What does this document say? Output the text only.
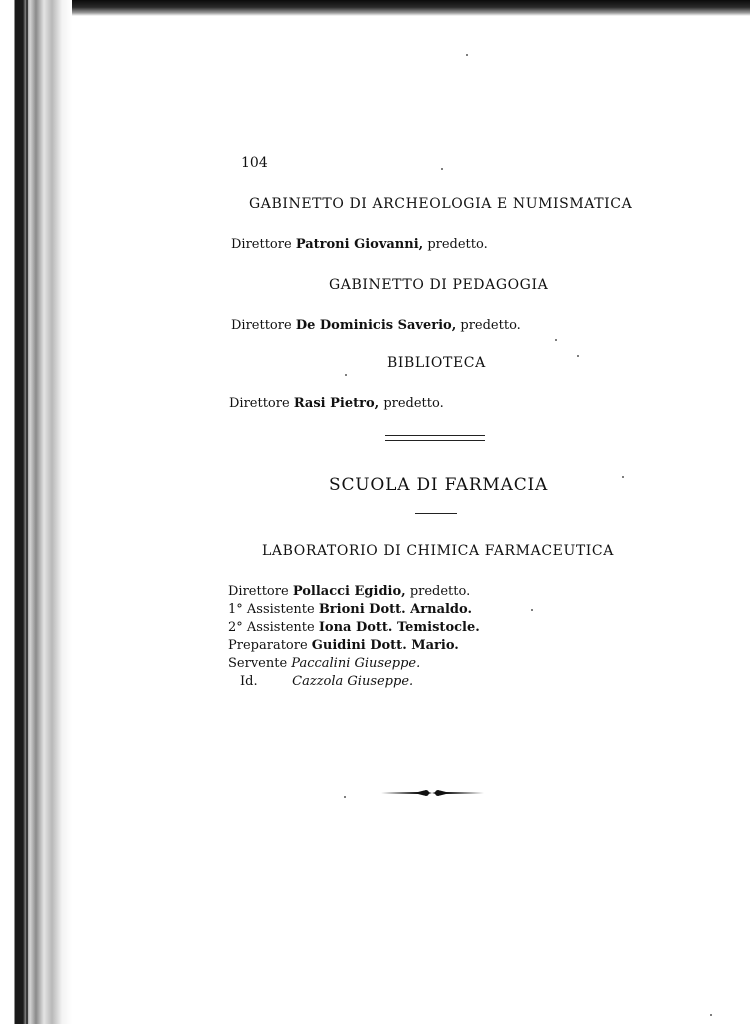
104
GABINETTO DI ARCHEOLOGIA E NUMISMATICA
Direttore Patroni Giovanni, predetto.
GABINETTO DI PEDAGOGIA
Direttore De Dominicis Saverio, predetto.
BIBLIOTECA
Direttore Rasi Pietro, predetto.
SCUOLA DI FARMACIA
LABORATORIO DI CHIMICA FARMACEUTICA
Direttore Pollacci Egidio, predetto.
1° Assistente Brioni Dott. Arnaldo.
2° Assistente Iona Dott. Temistocle.
Preparatore Guidini Dott. Mario.
Servente Paccalini Giuseppe.
Id.	Cazzola Giuseppe.
